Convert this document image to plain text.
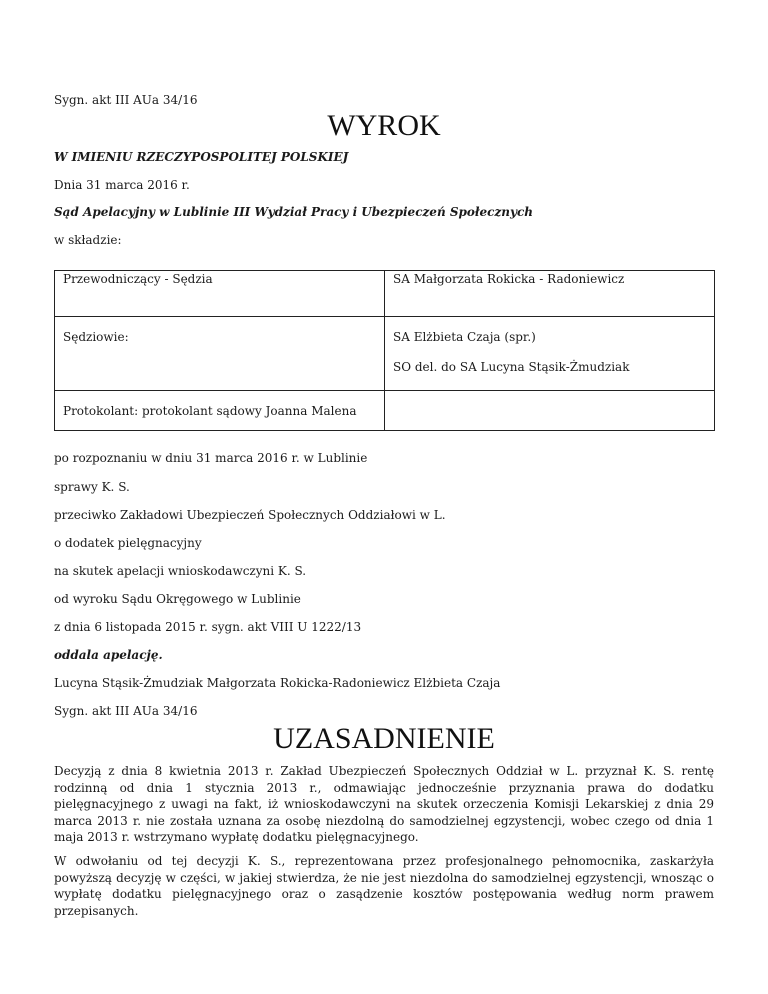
Sygn. akt III AUa 34/16
WYROK
W IMIENIU RZECZYPOSPOLITEJ POLSKIEJ
Dnia 31 marca 2016 r.
Sąd Apelacyjny w Lublinie III Wydział Pracy i Ubezpieczeń Społecznych
w składzie:
Przewodniczący - Sędzia	SA Małgorzata Rokicka - Radoniewicz
Sędziowie:	SA Elżbieta Czaja (spr.)
SO del. do SA Lucyna Stąsik-Żmudziak

Protokolant: protokolant sądowy Joanna Malena	
po rozpoznaniu w dniu 31 marca 2016 r. w Lublinie
sprawy K. S.
przeciwko Zakładowi Ubezpieczeń Społecznych Oddziałowi w L.
o dodatek pielęgnacyjny
na skutek apelacji wnioskodawczyni K. S.
od wyroku Sądu Okręgowego w Lublinie
z dnia 6 listopada 2015 r. sygn. akt VIII U 1222/13
oddala apelację.
Lucyna Stąsik-Żmudziak Małgorzata Rokicka-Radoniewicz Elżbieta Czaja
Sygn. akt III AUa 34/16
UZASADNIENIE
Decyzją z dnia 8 kwietnia 2013 r. Zakład Ubezpieczeń Społecznych Oddział w L. przyznał K. S. rentę rodzinną od dnia 1 stycznia 2013 r., odmawiając jednocześnie przyznania prawa do dodatku pielęgnacyjnego z uwagi na fakt, iż wnioskodawczyni na skutek orzeczenia Komisji Lekarskiej z dnia 29 marca 2013 r. nie została uznana za osobę niezdolną do samodzielnej egzystencji, wobec czego od dnia 1 maja 2013 r. wstrzymano wypłatę dodatku pielęgnacyjnego.
W odwołaniu od tej decyzji K. S., reprezentowana przez profesjonalnego pełnomocnika, zaskarżyła powyższą decyzję w części, w jakiej stwierdza, że nie jest niezdolna do samodzielnej egzystencji, wnosząc o wypłatę dodatku pielęgnacyjnego oraz o zasądzenie kosztów postępowania według norm prawem przepisanych.
